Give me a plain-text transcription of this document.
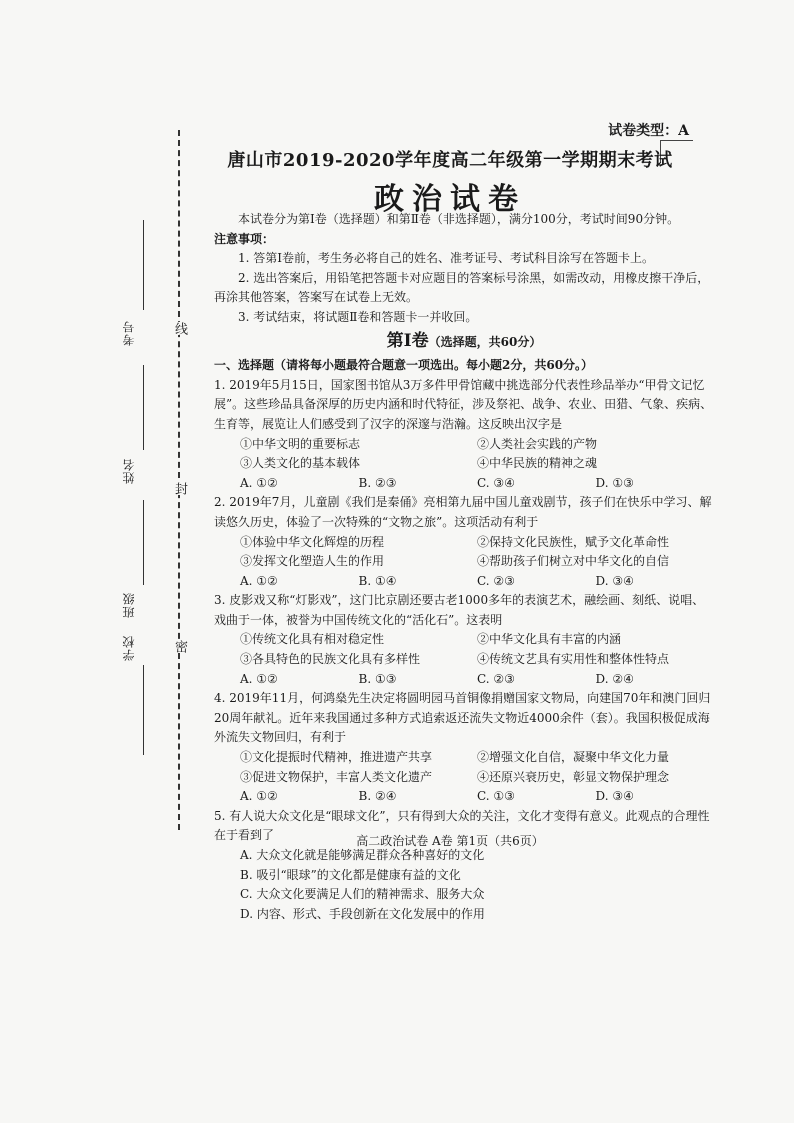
线
封
密
考号
姓名
班级
学校
试卷类型：A
唐山市2019-2020学年度高二年级第一学期期末考试
政治试卷

本试卷分为第Ⅰ卷（选择题）和第Ⅱ卷（非选择题），满分100分，考试时间90分钟。

注意事项：

1. 答第Ⅰ卷前，考生务必将自己的姓名、准考证号、考试科目涂写在答题卡上。

2. 选出答案后，用铅笔把答题卡对应题目的答案标号涂黑，如需改动，用橡皮擦干净后，再涂其他答案，答案写在试卷上无效。

3. 考试结束，将试题Ⅱ卷和答题卡一并收回。

第Ⅰ卷（选择题，共60分）

一、选择题（请将每小题最符合题意一项选出。每小题2分，共60分。）

1. 2019年5月15日，国家图书馆从3万多件甲骨馆藏中挑选部分代表性珍品举办“甲骨文记忆展”。这些珍品具备深厚的历史内涵和时代特征，涉及祭祀、战争、农业、田猎、气象、疾病、生育等，展览让人们感受到了汉字的深邃与浩瀚。这反映出汉字是

①中华文明的重要标志	②人类社会实践的产物
③人类文化的基本载体	④中华民族的精神之魂
A. ①②	B. ②③	C. ③④	D. ①③

2. 2019年7月，儿童剧《我们是秦俑》亮相第九届中国儿童戏剧节，孩子们在快乐中学习、解读悠久历史，体验了一次特殊的“文物之旅”。这项活动有利于

①体验中华文化辉煌的历程	②保持文化民族性，赋予文化革命性
③发挥文化塑造人生的作用	④帮助孩子们树立对中华文化的自信
A. ①②	B. ①④	C. ②③	D. ③④

3. 皮影戏又称“灯影戏”，这门比京剧还要古老1000多年的表演艺术，融绘画、刻纸、说唱、戏曲于一体，被誉为中国传统文化的“活化石”。这表明

①传统文化具有相对稳定性	②中华文化具有丰富的内涵
③各具特色的民族文化具有多样性	④传统文艺具有实用性和整体性特点
A. ①②	B. ①③	C. ②③	D. ②④

4. 2019年11月，何鸿燊先生决定将圆明园马首铜像捐赠国家文物局，向建国70年和澳门回归20周年献礼。近年来我国通过多种方式追索返还流失文物近4000余件（套）。我国积极促成海外流失文物回归，有利于

①文化提振时代精神，推进遗产共享	②增强文化自信，凝聚中华文化力量
③促进文物保护，丰富人类文化遗产	④还原兴衰历史，彰显文物保护理念
A. ①②	B. ②④	C. ①③	D. ③④

5. 有人说大众文化是“眼球文化”，只有得到大众的关注，文化才变得有意义。此观点的合理性在于看到了

A. 大众文化就是能够满足群众各种喜好的文化

B. 吸引“眼球”的文化都是健康有益的文化

C. 大众文化要满足人们的精神需求、服务大众

D. 内容、形式、手段创新在文化发展中的作用

高二政治试卷 A卷 第1页（共6页）
